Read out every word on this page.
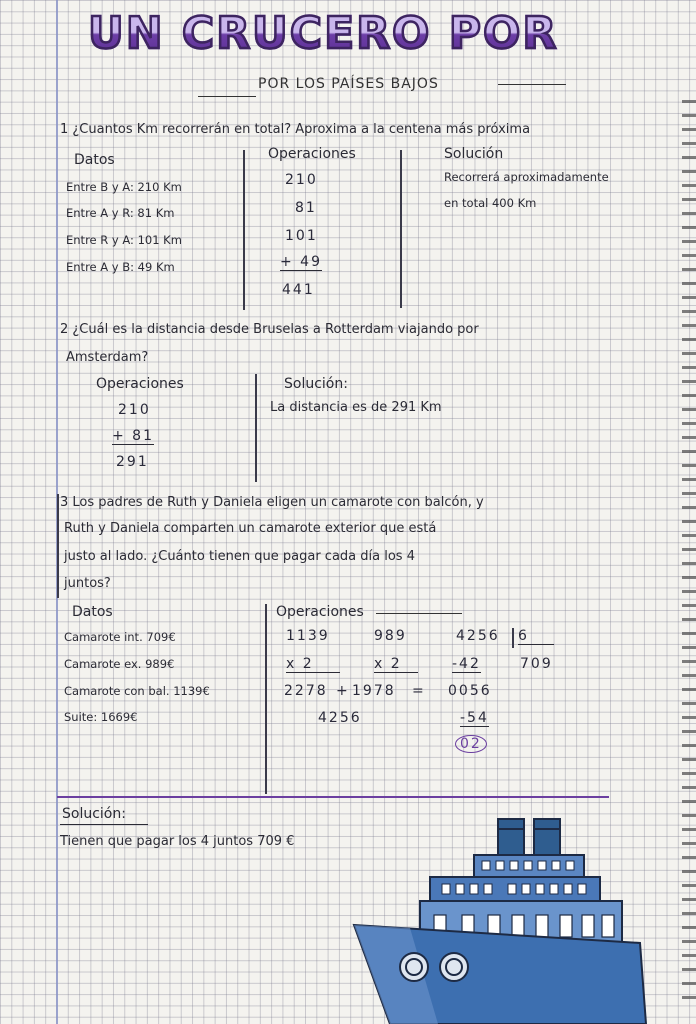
UN CRUCERO POR
POR LOS PAÍSES BAJOS
1 ¿Cuantos Km recorrerán en total? Aproxima a la centena más próxima
Datos
Entre B y A: 210 Km
Entre A y R: 81 Km
Entre R y A: 101 Km
Entre A y B: 49 Km
Operaciones
210
81
101
+ 49
441
Solución
Recorrerá aproximadamente
en total 400 Km
2 ¿Cuál es la distancia desde Bruselas a Rotterdam viajando por
Amsterdam?
Operaciones
210
+ 81
291
Solución:
La distancia es de 291 Km
3 Los padres de Ruth y Daniela eligen un camarote con balcón, y
Ruth y Daniela comparten un camarote exterior que está
justo al lado. ¿Cuánto tienen que pagar cada día los 4
juntos?
Datos
Camarote int. 709€
Camarote ex. 989€
Camarote con bal. 1139€
Suite: 1669€
Operaciones
1139
x 2
2278 +
989
x 2
1978 =
4256
4256 6
709
-42
0056
-54
02
Solución:
Tienen que pagar los 4 juntos 709 €
